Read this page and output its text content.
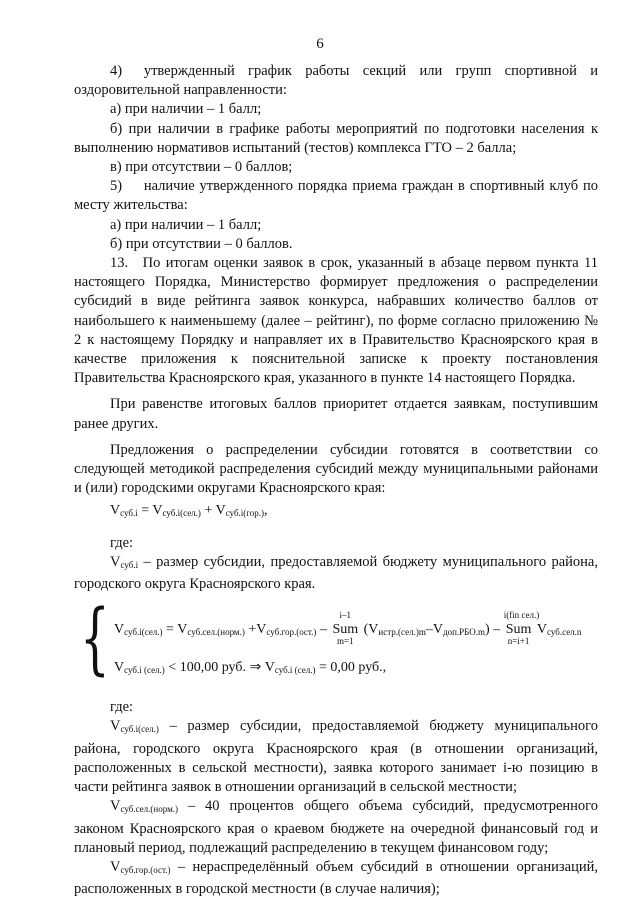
6

4)  утвержденный график работы секций или групп спортивной и оздоровительной направленности:

а) при наличии – 1 балл;

б) при наличии в графике работы мероприятий по подготовки населения к выполнению нормативов испытаний (тестов) комплекса ГТО – 2 балла;

в) при отсутствии – 0 баллов;

5)  наличие утвержденного порядка приема граждан в спортивный клуб по месту жительства:

а) при наличии – 1 балл;

б) при отсутствии – 0 баллов.

13. По итогам оценки заявок в срок, указанный в абзаце первом пункта 11 настоящего Порядка, Министерство формирует предложения о распределении субсидий в виде рейтинга заявок конкурса, набравших количество баллов от наибольшего к наименьшему (далее – рейтинг), по форме согласно приложению № 2 к настоящему Порядку и направляет их в Правительство Красноярского края в качестве приложения к пояснительной записке к проекту постановления Правительства Красноярского края, указанного в пункте 14 настоящего Порядка.

При равенстве итоговых баллов приоритет отдается заявкам, поступившим ранее других.

Предложения о распределении субсидии готовятся в соответствии со следующей методикой распределения субсидий между муниципальными районами и (или) городскими округами Красноярского края:

$V_{суб.i} = V_{суб.i(сел.)} + V_{суб.i(гор.)}$,

где:

$V_{суб.i}$ – размер субсидии, предоставляемой бюджету муниципального района, городского округа Красноярского края.

{ $V_{суб.i(сел.)} = V_{суб.сел.(норм.)} +V_{суб.гор.(ост.)}$ –
i–1
Sum
m=1
$(V_{истр.(сел.)m}-V_{доп.РБО.m})$ –
i(fin сел.)
Sum
n=i+1
$V_{суб.сел.n}$
$V_{суб.i (сел.)} < 100,00$ руб. ⇒ $V_{суб.i (сел.)} = 0,00$ руб.,

где:

$V_{суб.i(сел.)}$ – размер субсидии, предоставляемой бюджету муниципального района, городского округа Красноярского края (в отношении организаций, расположенных в сельской местности), заявка которого занимает i-ю позицию в части рейтинга заявок в отношении организаций в сельской местности;

$V_{суб.сел.(норм.)} - 40$ процентов общего объема субсидий, предусмотренного законом Красноярского края о краевом бюджете на очередной финансовый год и плановый период, подлежащий распределению в текущем финансовом году;

$V_{суб.гор.(ост.)}$ – нераспределённый объем субсидий в отношении организаций, расположенных в городской местности (в случае наличия);
